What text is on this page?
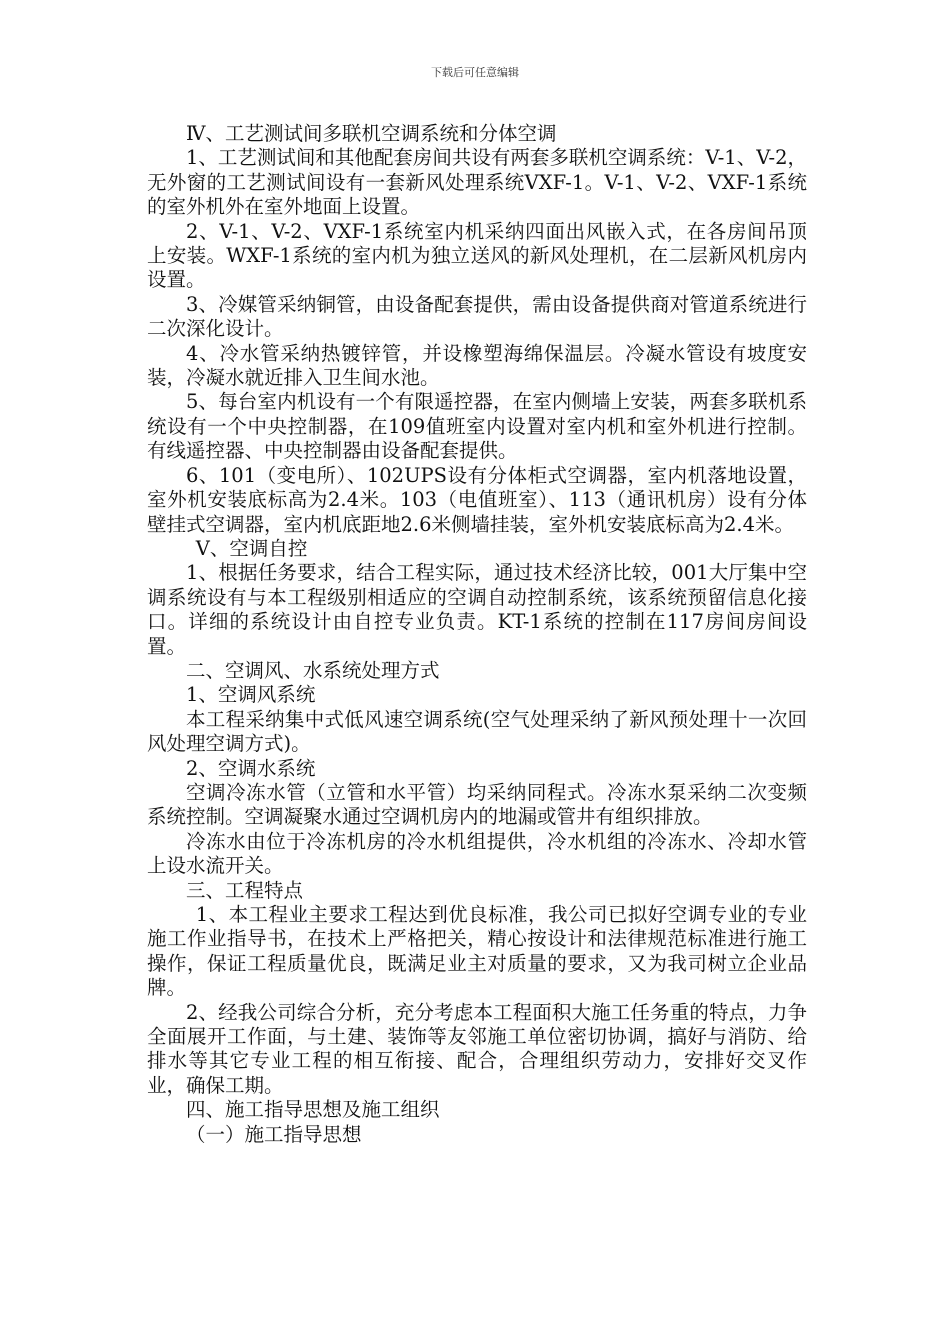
下载后可任意编辑

Ⅳ、工艺测试间多联机空调系统和分体空调

1、工艺测试间和其他配套房间共设有两套多联机空调系统：V-1、V-2，无外窗的工艺测试间设有一套新风处理系统VXF-1。V-1、V-2、VXF-1系统的室外机外在室外地面上设置。

2、V-1、V-2、VXF-1系统室内机采纳四面出风嵌入式，在各房间吊顶上安装。WXF-1系统的室内机为独立送风的新风处理机，在二层新风机房内设置。

3、冷媒管采纳铜管，由设备配套提供，需由设备提供商对管道系统进行二次深化设计。

4、冷水管采纳热镀锌管，并设橡塑海绵保温层。冷凝水管设有坡度安装，冷凝水就近排入卫生间水池。

5、每台室内机设有一个有限遥控器，在室内侧墙上安装，两套多联机系统设有一个中央控制器，在109值班室内设置对室内机和室外机进行控制。有线遥控器、中央控制器由设备配套提供。

6、101（变电所）、102UPS设有分体柜式空调器，室内机落地设置，室外机安装底标高为2.4米。103（电值班室）、113（通讯机房）设有分体壁挂式空调器，室内机底距地2.6米侧墙挂装，室外机安装底标高为2.4米。

Ⅴ、空调自控

1、根据任务要求，结合工程实际，通过技术经济比较，001大厅集中空调系统设有与本工程级别相适应的空调自动控制系统，该系统预留信息化接口。详细的系统设计由自控专业负责。KT-1系统的控制在117房间房间设置。

二、空调风、水系统处理方式

1、空调风系统

本工程采纳集中式低风速空调系统(空气处理采纳了新风预处理十一次回风处理空调方式)。

2、空调水系统

空调冷冻水管（立管和水平管）均采纳同程式。冷冻水泵采纳二次变频系统控制。空调凝聚水通过空调机房内的地漏或管井有组织排放。

冷冻水由位于冷冻机房的冷水机组提供，冷水机组的冷冻水、冷却水管上设水流开关。

三、工程特点

1、本工程业主要求工程达到优良标准，我公司已拟好空调专业的专业施工作业指导书，在技术上严格把关，精心按设计和法律规范标准进行施工操作，保证工程质量优良，既满足业主对质量的要求，又为我司树立企业品牌。

2、经我公司综合分析，充分考虑本工程面积大施工任务重的特点，力争全面展开工作面，与土建、装饰等友邻施工单位密切协调，搞好与消防、给排水等其它专业工程的相互衔接、配合，合理组织劳动力，安排好交叉作业，确保工期。

四、施工指导思想及施工组织

（一）施工指导思想
